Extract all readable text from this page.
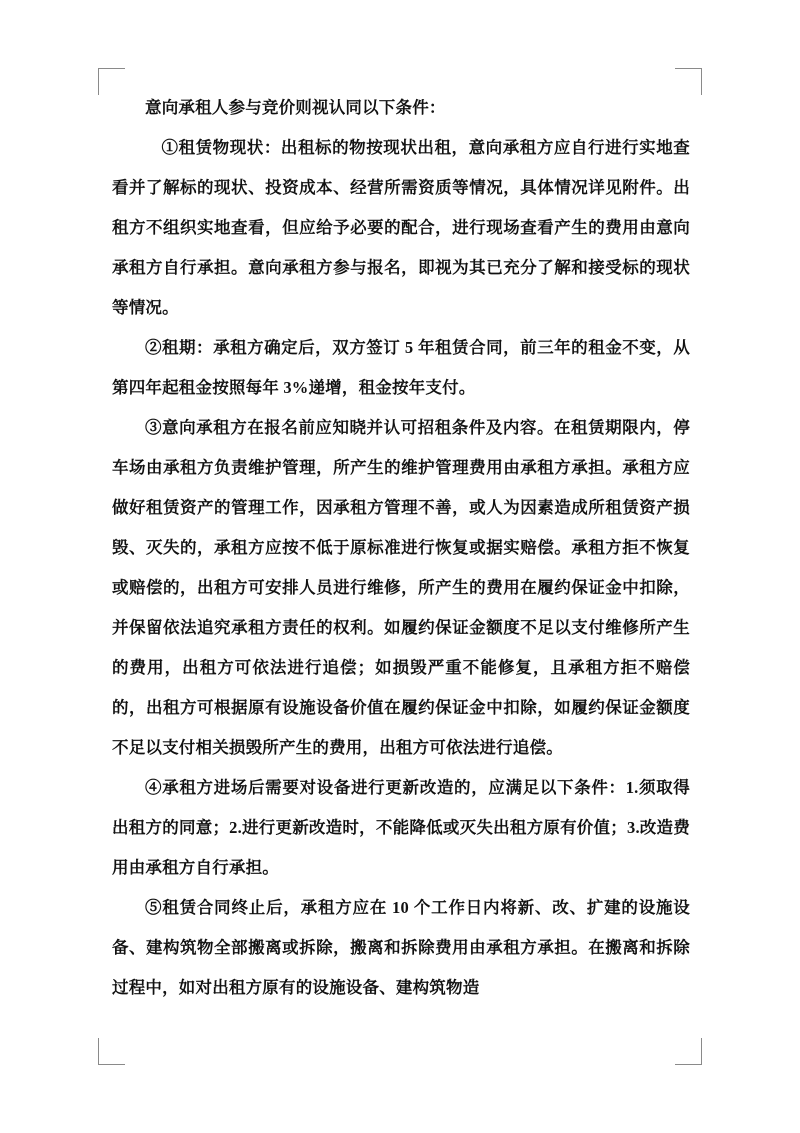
意向承租人参与竞价则视认同以下条件：

①租赁物现状：出租标的物按现状出租，意向承租方应自行进行实地查看并了解标的现状、投资成本、经营所需资质等情况，具体情况详见附件。出租方不组织实地查看，但应给予必要的配合，进行现场查看产生的费用由意向承租方自行承担。意向承租方参与报名，即视为其已充分了解和接受标的现状等情况。

②租期：承租方确定后，双方签订 5 年租赁合同，前三年的租金不变，从第四年起租金按照每年 3%递增，租金按年支付。

③意向承租方在报名前应知晓并认可招租条件及内容。在租赁期限内，停车场由承租方负责维护管理，所产生的维护管理费用由承租方承担。承租方应做好租赁资产的管理工作，因承租方管理不善，或人为因素造成所租赁资产损毁、灭失的，承租方应按不低于原标准进行恢复或据实赔偿。承租方拒不恢复或赔偿的，出租方可安排人员进行维修，所产生的费用在履约保证金中扣除，并保留依法追究承租方责任的权利。如履约保证金额度不足以支付维修所产生的费用，出租方可依法进行追偿；如损毁严重不能修复，且承租方拒不赔偿的，出租方可根据原有设施设备价值在履约保证金中扣除，如履约保证金额度不足以支付相关损毁所产生的费用，出租方可依法进行追偿。

④承租方进场后需要对设备进行更新改造的，应满足以下条件：1.须取得出租方的同意；2.进行更新改造时，不能降低或灭失出租方原有价值；3.改造费用由承租方自行承担。

⑤租赁合同终止后，承租方应在 10 个工作日内将新、改、扩建的设施设备、建构筑物全部搬离或拆除，搬离和拆除费用由承租方承担。在搬离和拆除过程中，如对出租方原有的设施设备、建构筑物造
